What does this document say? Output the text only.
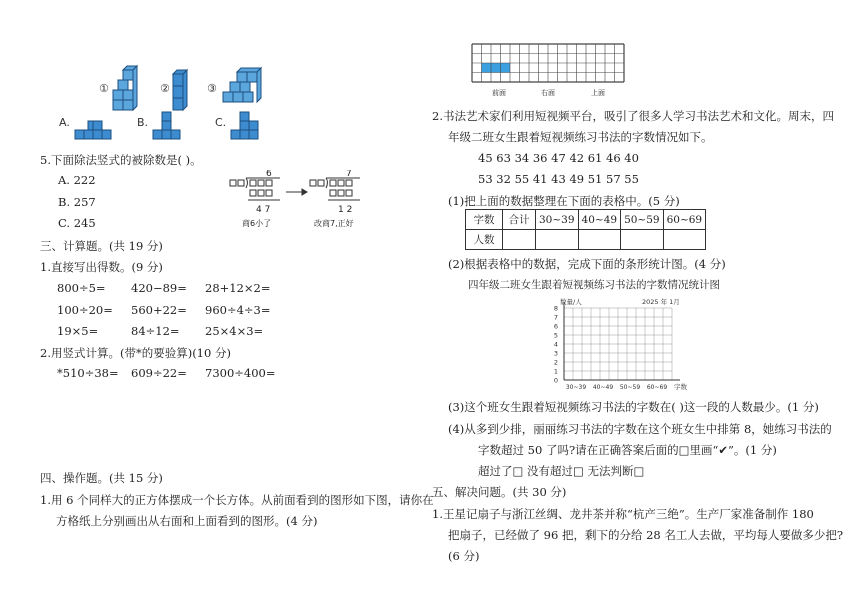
①	②	③
A.	B.	C.
5.下面除法竖式的被除数是( )。
A. 222
B. 257
C. 245
6
4 7
商6小了
7
1 2
改商7,正好
三、计算题。(共 19 分)
1.直接写出得数。(9 分)
800÷5= 420−89= 28+12×2=
100÷20= 560+22= 960÷4÷3=
19×5=	84÷12= 25×4×3=
2.用竖式计算。(带*的要验算)(10 分)
*510÷38= 609÷22= 7300÷400=
四、操作题。(共 15 分)
1.用 6 个同样大的正方体摆成一个长方体。从前面看到的图形如下图，请你在
方格纸上分别画出从右面和上面看到的图形。(4 分)
前面	右面	上面
2.书法艺术家们利用短视频平台，吸引了很多人学习书法艺术和文化。周末，四
年级二班女生跟着短视频练习书法的字数情况如下。
45 63 34 36 47 42 61 46 40
53 32 55 41 43 49 51 57 55
(1)把上面的数据整理在下面的表格中。(5 分)
字数	合计	30~39	40~49	50~59	60~69
人数					
(2)根据表格中的数据，完成下面的条形统计图。(4 分)
四年级二班女生跟着短视频练习书法的字数情况统计图
1
2
3
4
5
6
7
8
0
30~39 40~49 50~59 60~69
数量/人	2025 年 1月
字数
(3)这个班女生跟着短视频练习书法的字数在( )这一段的人数最少。(1 分)
(4)从多到少排，丽丽练习书法的字数在这个班女生中排第 8，她练习书法的
字数超过 50 了吗?请在正确答案后面的□里画“✔”。(1 分)
超过了□ 没有超过□ 无法判断□
五、解决问题。(共 30 分)
1.王星记扇子与浙江丝绸、龙井茶并称“杭产三绝”。生产厂家准备制作 180
把扇子，已经做了 96 把，剩下的分给 28 名工人去做，平均每人要做多少把?
(6 分)
